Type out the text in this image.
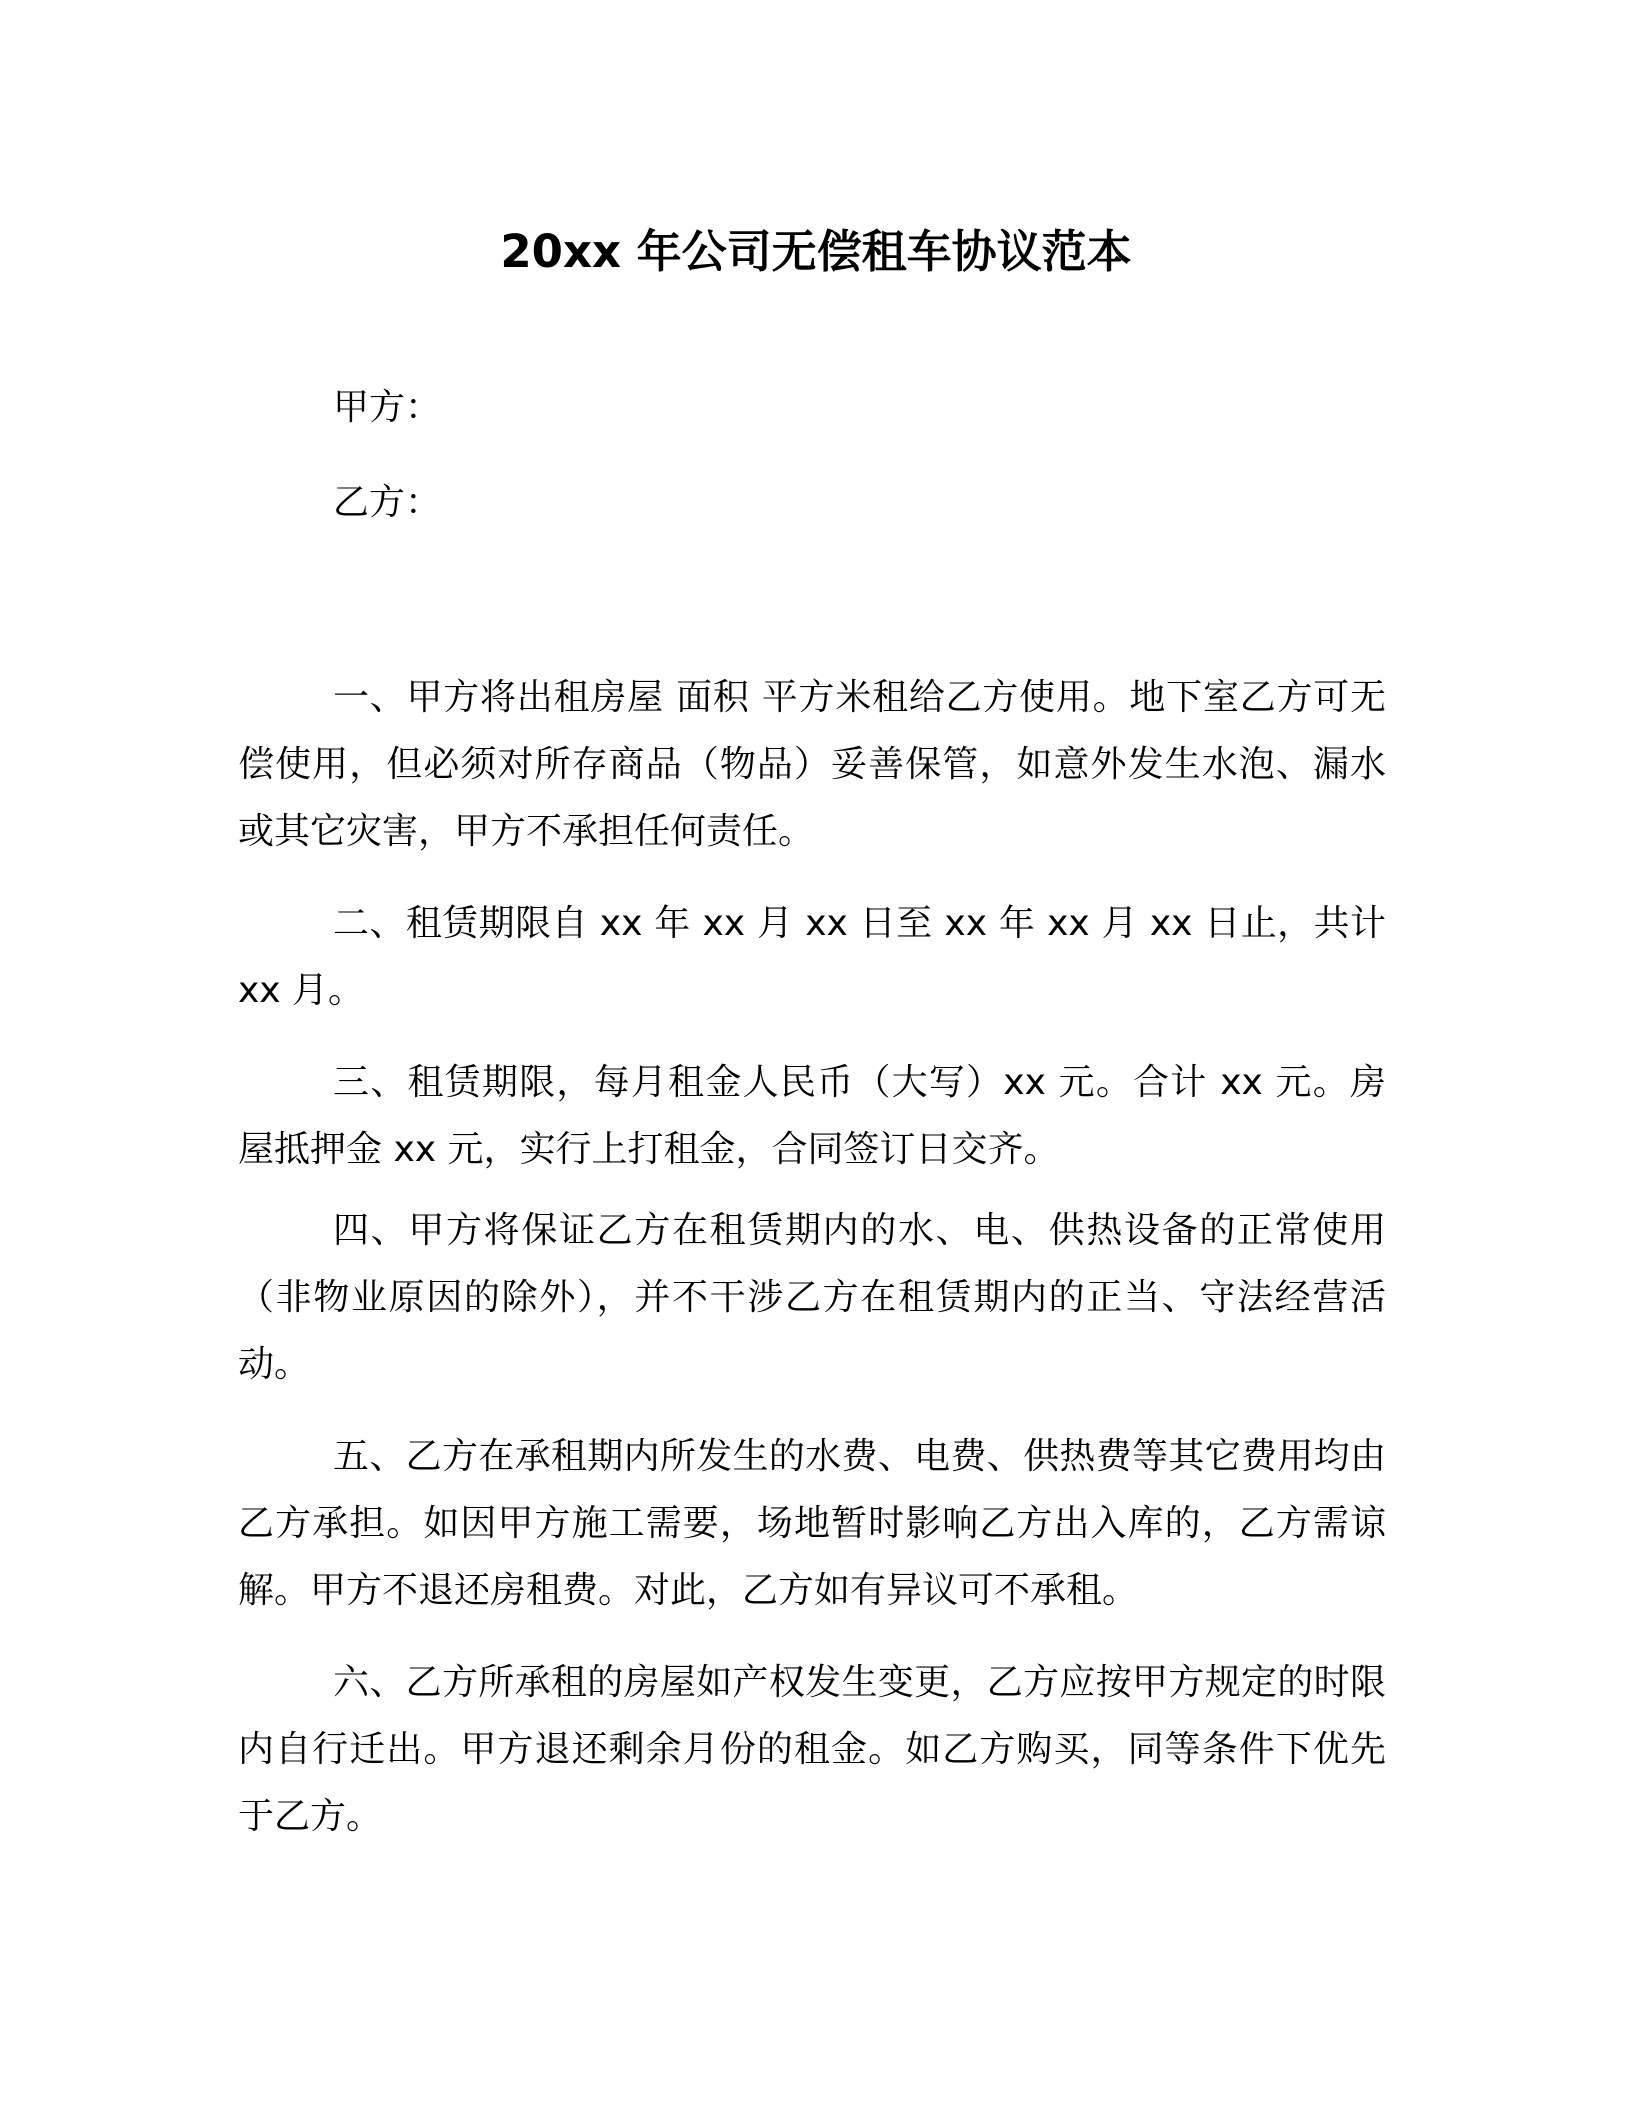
20xx 年公司无偿租车协议范本
甲方：
乙方：

一、甲方将出租房屋 面积 平方米租给乙方使用。地下室乙方可无偿使用，但必须对所存商品（物品）妥善保管，如意外发生水泡、漏水或其它灾害，甲方不承担任何责任。

二、租赁期限自 xx 年 xx 月 xx 日至 xx 年 xx 月 xx 日止，共计 xx 月。

三、租赁期限，每月租金人民币（大写）xx 元。合计 xx 元。房屋抵押金 xx 元，实行上打租金，合同签订日交齐。

四、甲方将保证乙方在租赁期内的水、电、供热设备的正常使用（非物业原因的除外），并不干涉乙方在租赁期内的正当、守法经营活动。

五、乙方在承租期内所发生的水费、电费、供热费等其它费用均由乙方承担。如因甲方施工需要，场地暂时影响乙方出入库的，乙方需谅解。甲方不退还房租费。对此，乙方如有异议可不承租。

六、乙方所承租的房屋如产权发生变更，乙方应按甲方规定的时限内自行迁出。甲方退还剩余月份的租金。如乙方购买，同等条件下优先于乙方。
